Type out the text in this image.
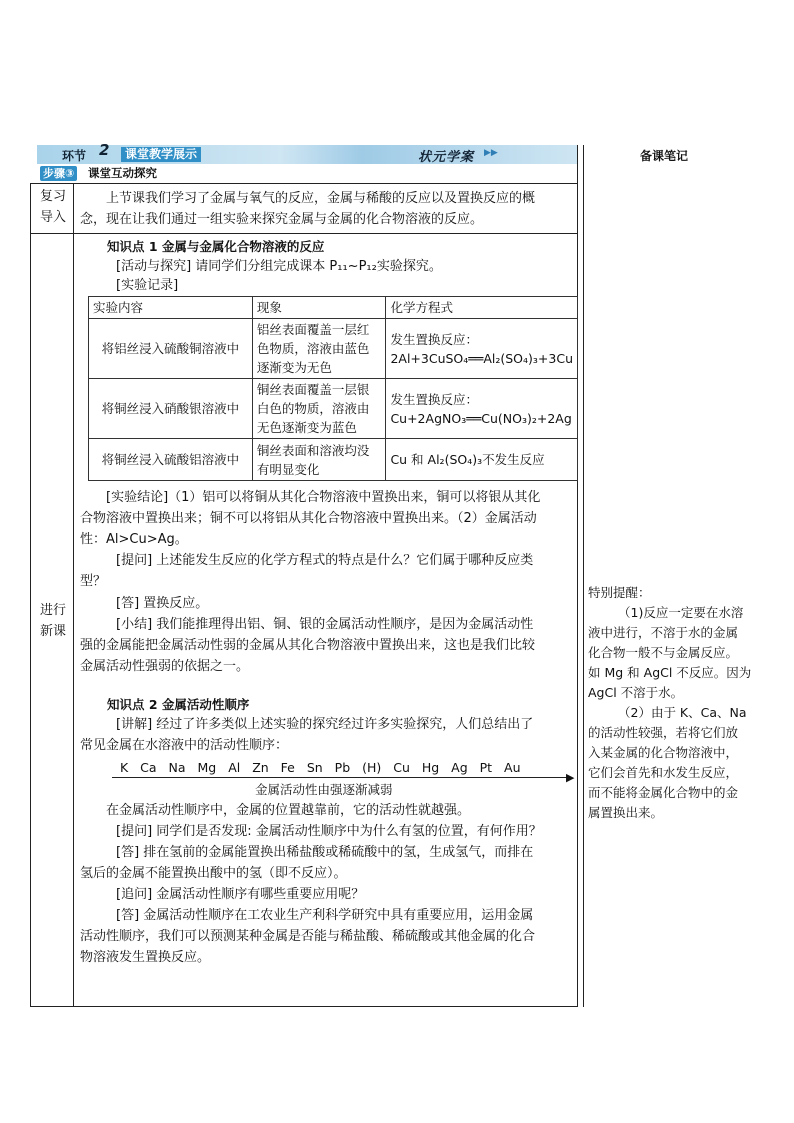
环节 2	课堂教学展示	状元学案 ▶▶	备课笔记
步骤③ 课堂互动探究
复习
导入
上节课我们学习了金属与氧气的反应，金属与稀酸的反应以及置换反应的概
念，现在让我们通过一组实验来探究金属与金属的化合物溶液的反应。
进行
新课
知识点 1 金属与金属化合物溶液的反应
[活动与探究] 请同学们分组完成课本 P₁₁~P₁₂实验探究。
[实验记录]
实验内容	现象	化学方程式
将铝丝浸入硫酸铜溶液中	铝丝表面覆盖一层红色物质，溶液由蓝色逐渐变为无色	发生置换反应：2Al+3CuSO₄══Al₂(SO₄)₃+3Cu
将铜丝浸入硝酸银溶液中	铜丝表面覆盖一层银白色的物质，溶液由无色逐渐变为蓝色	发生置换反应：Cu+2AgNO₃══Cu(NO₃)₂+2Ag
将铜丝浸入硫酸铝溶液中	铜丝表面和溶液均没有明显变化	Cu 和 Al₂(SO₄)₃不发生反应
[实验结论]（1）铝可以将铜从其化合物溶液中置换出来，铜可以将银从其化
合物溶液中置换出来；铜不可以将铝从其化合物溶液中置换出来。（2）金属活动
性：Al>Cu>Ag。
[提问] 上述能发生反应的化学方程式的特点是什么？它们属于哪种反应类
型？
[答] 置换反应。
[小结] 我们能推理得出铝、铜、银的金属活动性顺序，是因为金属活动性
强的金属能把金属活动性弱的金属从其化合物溶液中置换出来，这也是我们比较
金属活动性强弱的依据之一。
知识点 2 金属活动性顺序
[讲解] 经过了许多类似上述实验的探究经过许多实验探究，人们总结出了
常见金属在水溶液中的活动性顺序：
K Ca Na Mg Al Zn Fe Sn Pb (H) Cu Hg Ag Pt Au
▶
金属活动性由强逐渐减弱
在金属活动性顺序中，金属的位置越靠前，它的活动性就越强。
[提问] 同学们是否发现: 金属活动性顺序中为什么有氢的位置，有何作用？
[答] 排在氢前的金属能置换出稀盐酸或稀硫酸中的氢，生成氢气，而排在
氢后的金属不能置换出酸中的氢（即不反应）。
[追问] 金属活动性顺序有哪些重要应用呢？
[答] 金属活动性顺序在工农业生产利科学研究中具有重要应用，运用金属
活动性顺序，我们可以预测某种金属是否能与稀盐酸、稀硫酸或其他金属的化合
物溶液发生置换反应。
特别提醒：
（1)反应一定要在水溶
液中进行，不溶于水的金属
化合物一般不与金属反应。
如 Mg 和 AgCl 不反应。因为
AgCl 不溶于水。
（2）由于 K、Ca、Na
的活动性较强，若将它们放
入某金属的化合物溶液中，
它们会首先和水发生反应，
而不能将金属化合物中的金
属置换出来。
